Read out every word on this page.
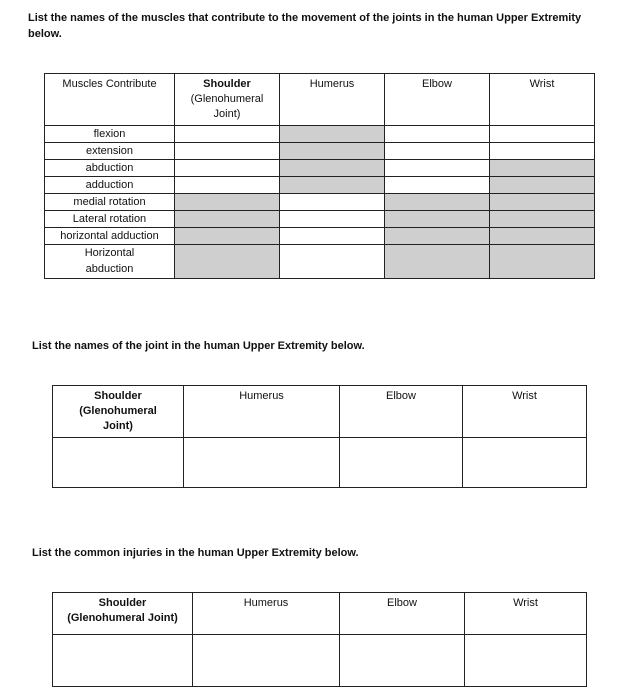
List the names of the muscles that contribute to the movement of the joints in the human Upper Extremity below.
Muscles Contribute	Shoulder
(Glenohumeral
Joint)	Humerus	Elbow	Wrist
flexion				
extension				
abduction				
adduction				
medial rotation				
Lateral rotation				
horizontal adduction				

Horizontal
abduction				

List the names of the joint in the human Upper Extremity below.
Shoulder
(Glenohumeral
Joint)	Humerus	Elbow	Wrist

List the common injuries in the human Upper Extremity below.
Shoulder
(Glenohumeral Joint)	Humerus	Elbow	Wrist
